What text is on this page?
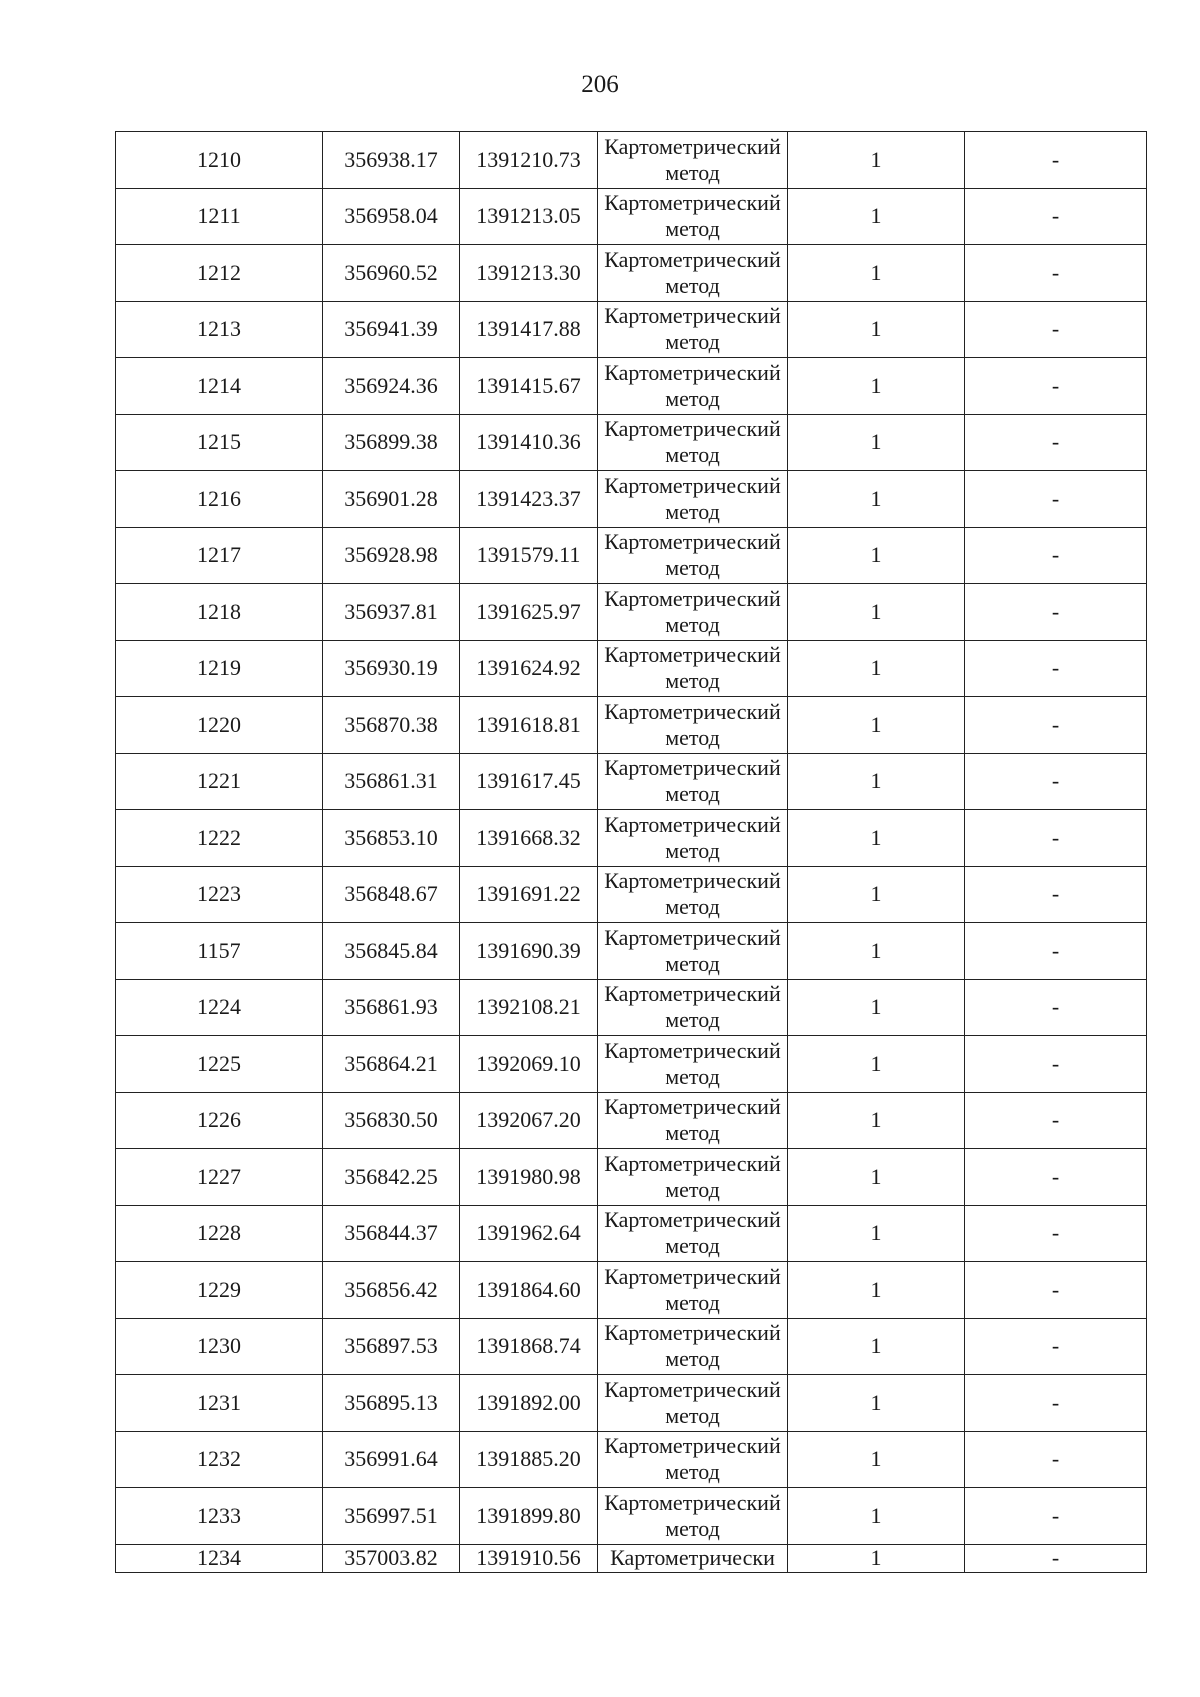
206
1210	356938.17	1391210.73	Картометрический метод	1	-
1211	356958.04	1391213.05	Картометрический метод	1	-
1212	356960.52	1391213.30	Картометрический метод	1	-
1213	356941.39	1391417.88	Картометрический метод	1	-
1214	356924.36	1391415.67	Картометрический метод	1	-
1215	356899.38	1391410.36	Картометрический метод	1	-
1216	356901.28	1391423.37	Картометрический метод	1	-
1217	356928.98	1391579.11	Картометрический метод	1	-
1218	356937.81	1391625.97	Картометрический метод	1	-
1219	356930.19	1391624.92	Картометрический метод	1	-
1220	356870.38	1391618.81	Картометрический метод	1	-
1221	356861.31	1391617.45	Картометрический метод	1	-
1222	356853.10	1391668.32	Картометрический метод	1	-
1223	356848.67	1391691.22	Картометрический метод	1	-
1157	356845.84	1391690.39	Картометрический метод	1	-
1224	356861.93	1392108.21	Картометрический метод	1	-
1225	356864.21	1392069.10	Картометрический метод	1	-
1226	356830.50	1392067.20	Картометрический метод	1	-
1227	356842.25	1391980.98	Картометрический метод	1	-
1228	356844.37	1391962.64	Картометрический метод	1	-
1229	356856.42	1391864.60	Картометрический метод	1	-
1230	356897.53	1391868.74	Картометрический метод	1	-
1231	356895.13	1391892.00	Картометрический метод	1	-
1232	356991.64	1391885.20	Картометрический метод	1	-
1233	356997.51	1391899.80	Картометрический метод	1	-
1234	357003.82	1391910.56	Картометрически	1	-
